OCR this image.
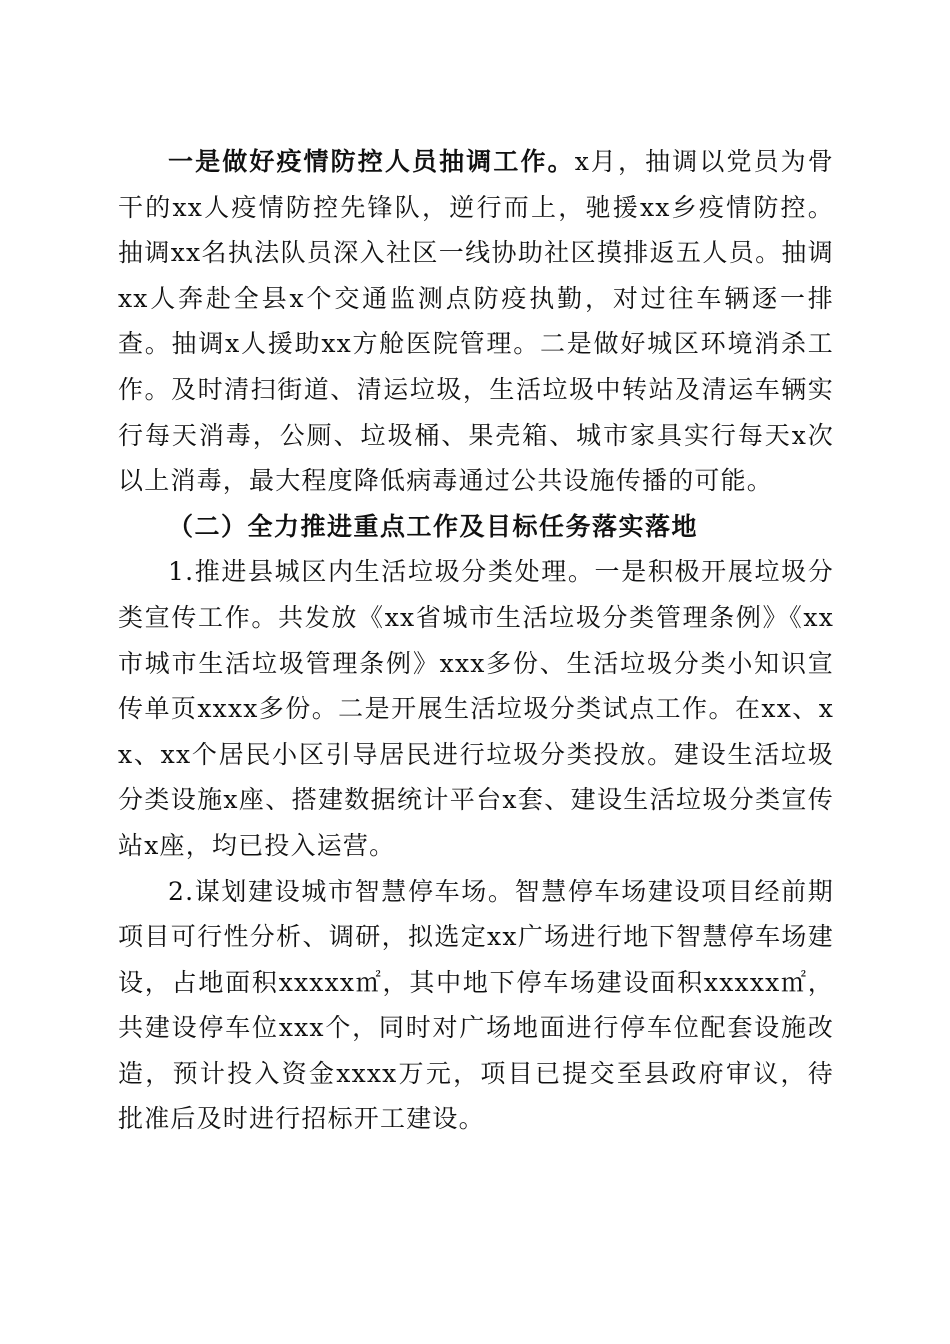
一是做好疫情防控人员抽调工作。x月，抽调以党员为骨干的xx人疫情防控先锋队，逆行而上，驰援xx乡疫情防控。抽调xx名执法队员深入社区一线协助社区摸排返五人员。抽调xx人奔赴全县x个交通监测点防疫执勤，对过往车辆逐一排查。抽调x人援助xx方舱医院管理。二是做好城区环境消杀工作。及时清扫街道、清运垃圾，生活垃圾中转站及清运车辆实行每天消毒，公厕、垃圾桶、果壳箱、城市家具实行每天x次以上消毒，最大程度降低病毒通过公共设施传播的可能。

（二）全力推进重点工作及目标任务落实落地

1.推进县城区内生活垃圾分类处理。一是积极开展垃圾分类宣传工作。共发放《xx省城市生活垃圾分类管理条例》《xx市城市生活垃圾管理条例》xxx多份、生活垃圾分类小知识宣传单页xxxx多份。二是开展生活垃圾分类试点工作。在xx、xx、xx个居民小区引导居民进行垃圾分类投放。建设生活垃圾分类设施x座、搭建数据统计平台x套、建设生活垃圾分类宣传站x座，均已投入运营。

2.谋划建设城市智慧停车场。智慧停车场建设项目经前期项目可行性分析、调研，拟选定xx广场进行地下智慧停车场建设，占地面积xxxxx㎡，其中地下停车场建设面积xxxxx㎡，共建设停车位xxx个，同时对广场地面进行停车位配套设施改造，预计投入资金xxxx万元，项目已提交至县政府审议，待批准后及时进行招标开工建设。
